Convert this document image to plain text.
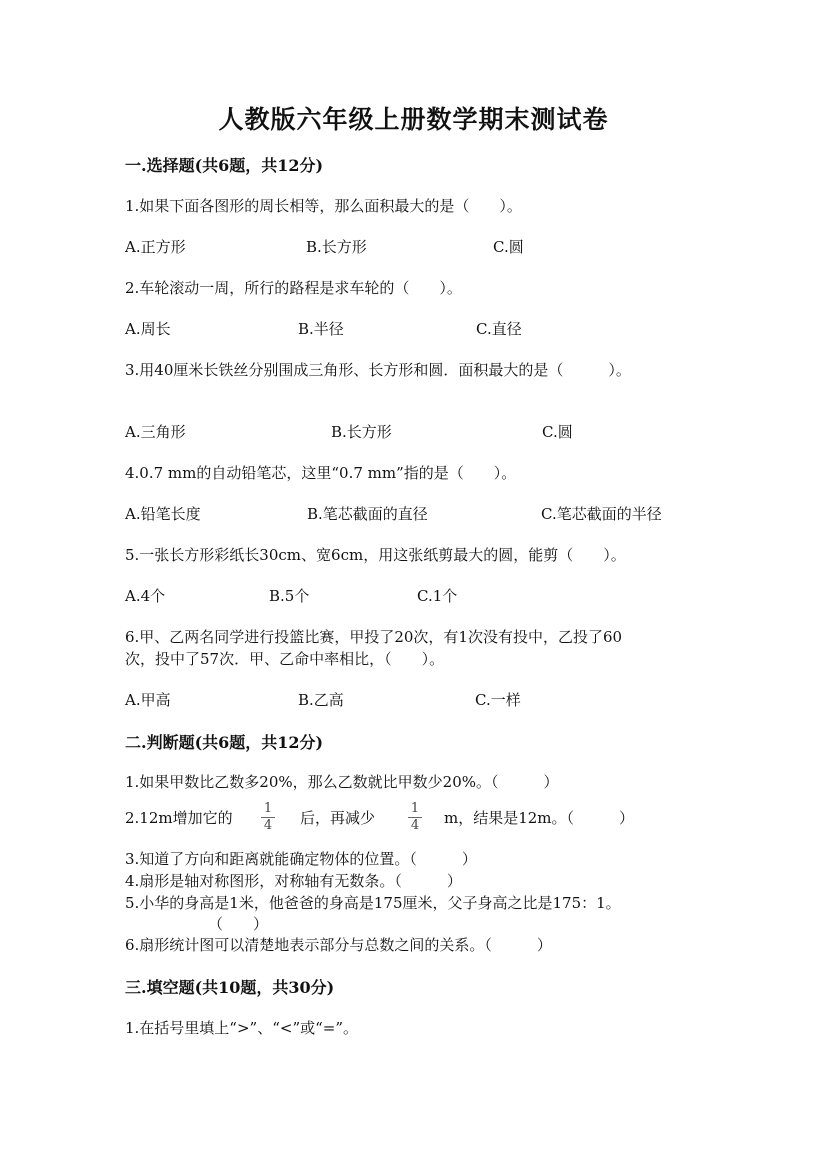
人教版六年级上册数学期末测试卷
一.选择题(共6题，共12分)
1.如果下面各图形的周长相等，那么面积最大的是（　　）。
A.正方形	B.长方形	C.圆
2.车轮滚动一周，所行的路程是求车轮的（　　）。
A.周长	B.半径	C.直径
3.用40厘米长铁丝分别围成三角形、长方形和圆．面积最大的是（　　　）。
A.三角形	B.长方形	C.圆
4.0.7 mm的自动铅笔芯，这里“0.7 mm”指的是（　　）。
A.铅笔长度	B.笔芯截面的直径	C.笔芯截面的半径
5.一张长方形彩纸长30cm、宽6cm，用这张纸剪最大的圆，能剪（　　）。
A.4个	B.5个	C.1个
6.甲、乙两名同学进行投篮比赛，甲投了20次，有1次没有投中，乙投了60
次，投中了57次．甲、乙命中率相比，（　　）。
A.甲高	B.乙高	C.一样
二.判断题(共6题，共12分)
1.如果甲数比乙数多20%，那么乙数就比甲数少20%。（　　　）
2.12m增加它的
1
4 后，再减少
1
4 m，结果是12m。（　　　）
3.知道了方向和距离就能确定物体的位置。（　　　）
4.扇形是轴对称图形，对称轴有无数条。（　　　）
5.小华的身高是1米，他爸爸的身高是175厘米，父子身高之比是175：1。
（　　）
6.扇形统计图可以清楚地表示部分与总数之间的关系。（　　　）
三.填空题(共10题，共30分)
1.在括号里填上“>”、“<”或“=”。
